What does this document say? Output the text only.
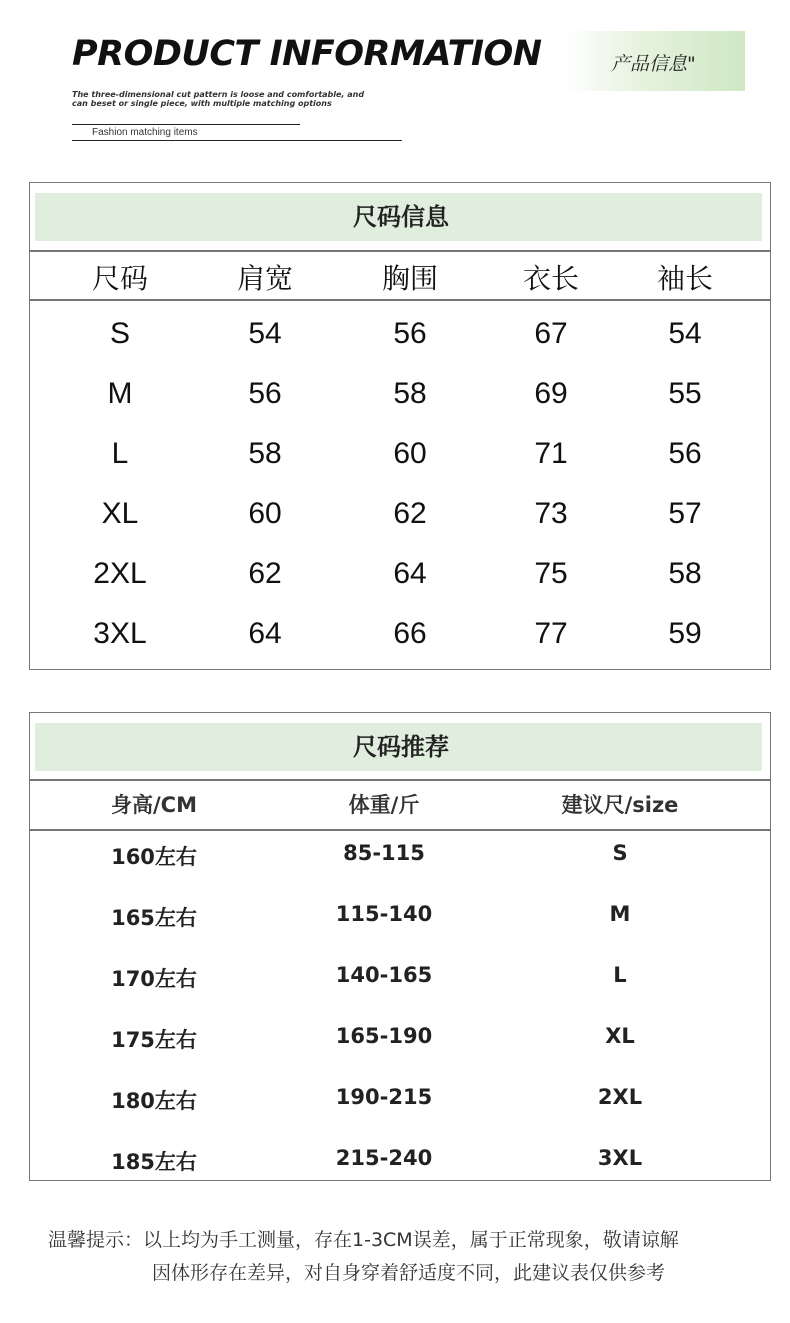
PRODUCT INFORMATION
The three-dimensional cut pattern is loose and comfortable, and
can beset or single piece, with multiple matching options
Fashion matching items
产品信息"
尺码信息
尺码	肩宽	胸围	衣长	袖长
S	54	56	67	54
M	56	58	69	55
L	58	60	71	56
XL	60	62	73	57
2XL	62	64	75	58
3XL	64	66	77	59
尺码推荐
身高/CM	体重/斤	建议尺/size
160左右	85-115	S
165左右	115-140	M
170左右	140-165	L
175左右	165-190	XL
180左右	190-215	2XL
185左右	215-240	3XL
温馨提示：以上均为手工测量，存在1-3CM误差，属于正常现象，敬请谅解
因体形存在差异，对自身穿着舒适度不同，此建议表仅供参考
